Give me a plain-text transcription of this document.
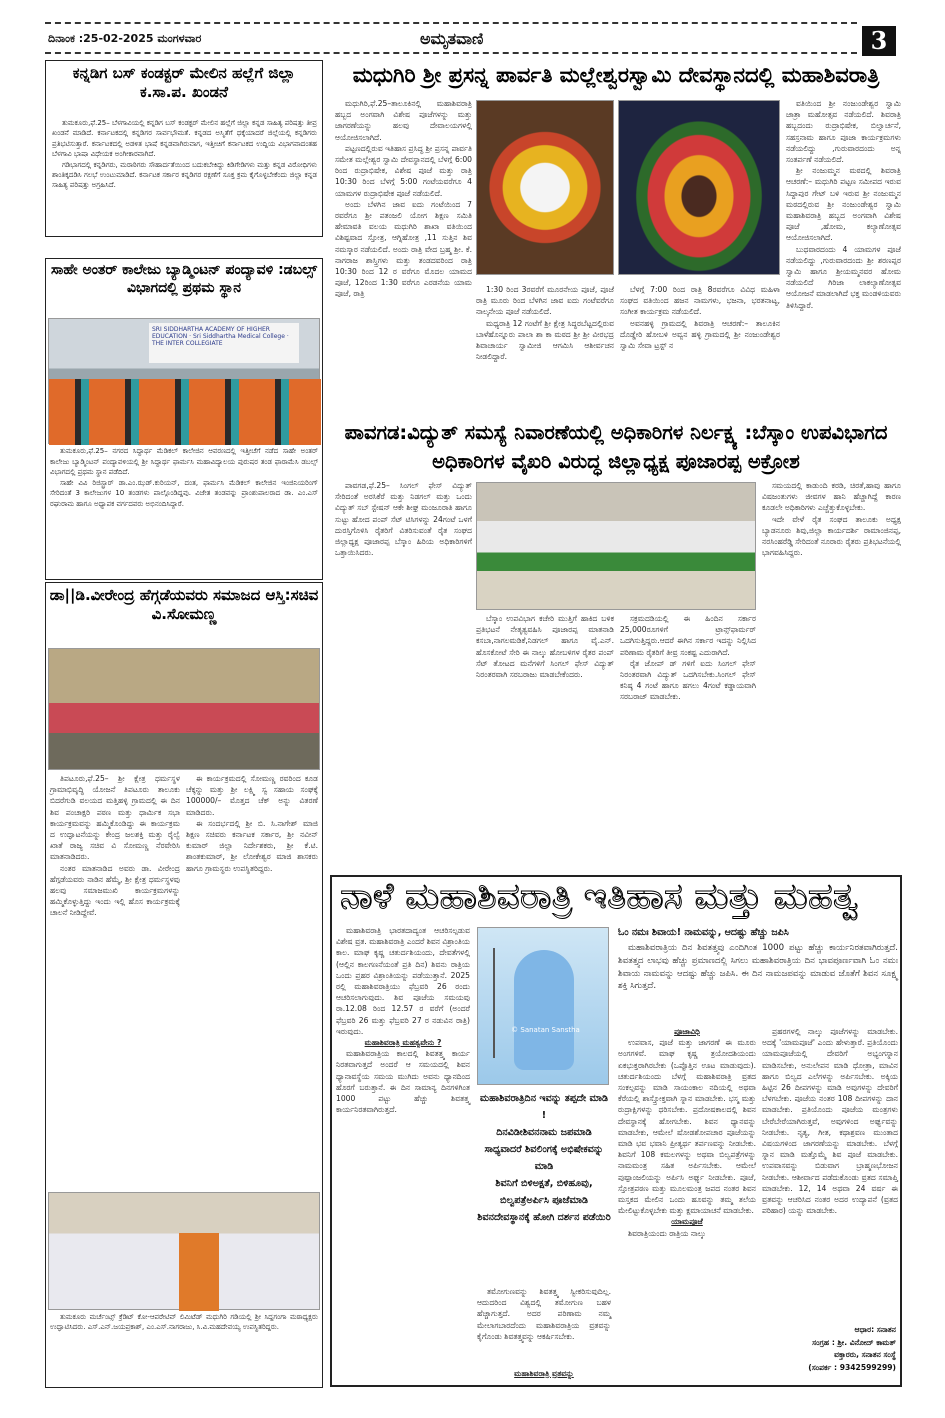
ದಿನಾಂಕ :25-02-2025 ಮಂಗಳವಾರ	ಅಮೃತವಾಣಿ	3
ಕನ್ನಡಿಗ ಬಸ್ ಕಂಡಕ್ಟರ್ ಮೇಲಿನ ಹಲ್ಲೆಗೆ ಜಿಲ್ಲಾ ಕ.ಸಾ.ಪ. ಖಂಡನೆ

ತುಮಕೂರು,ಫೆ.25– ಬೆಳಗಾವಿಯಲ್ಲಿ ಕನ್ನಡಿಗ ಬಸ್ ಕಂಡಕ್ಟರ್ ಮೇಲಿನ ಹಲ್ಲೆಗೆ ಜಿಲ್ಲಾ ಕನ್ನಡ ಸಾಹಿತ್ಯ ಪರಿಷತ್ತು ತೀವ್ರ ಖಂಡನೆ ಮಾಡಿದೆ. ಕರ್ನಾಟಕದಲ್ಲಿ ಕನ್ನಡಿಗರ ಸಾರ್ವಭೌಮತೆ. ಕನ್ನಡದ ಅಸ್ಮಿತೆಗೆ ಧಕ್ಕೆಯಾದರೆ ಜಿಲ್ಲೆಯಲ್ಲಿ ಕನ್ನಡಿಗರು ಪ್ರತಿಭಟಿಸುತ್ತಾರೆ. ಕರ್ನಾಟಕದಲ್ಲಿ ಅಡಳಿತ ಭಾಷೆ ಕನ್ನಡವಾಗಿರುವಾಗ, ಇತ್ತೀಚಿಗೆ ಕರ್ನಾಟಕದ ಉದ್ದಿಯ ವಿಭಾಗವಾದಂತಹ ಬೆಳಗಾವಿ ಭಾಷಾ ವಿಧೇಯಕ ಅಂಗೀಕಾರವಾಗಿದೆ.

ಗಡಿಭಾಗದಲ್ಲಿ ಕನ್ನಡಿಗರು, ಮರಾಠಿಗರು ಸೌಹಾರ್ದತೆಯಿಂದ ಬದುಕಬೇಕಿದ್ದು ಕಿಡಿಗೇಡಿಗಳು ಮತ್ತು ಕನ್ನಡ ವಿರೋಧಿಗಳು ಶಾಂತಿಕ್ಕದಡಿಸಿ ಗಲಭೆ ಉಂಟುಮಾಡಿದೆ. ಕರ್ನಾಟಕ ಸರ್ಕಾರ ಕನ್ನಡಿಗರ ರಕ್ಷಣೆಗೆ ಸೂಕ್ತ ಕ್ರಮ ಕೈಗೊಳ್ಳಬೇಕೆಂದು ಜಿಲ್ಲಾ ಕನ್ನಡ ಸಾಹಿತ್ಯ ಪರಿಷತ್ತು ಅಗ್ರಹಿಸಿದೆ.

ಸಾಹೇ ಅಂತರ್ ಕಾಲೇಜು ಬ್ಯಾಡ್ಮಿಂಟನ್ ಪಂದ್ಯಾವಳಿ :ಡಬಲ್ಸ್ ವಿಭಾಗದಲ್ಲಿ ಪ್ರಥಮ ಸ್ಥಾನ
SRI SIDDHARTHA ACADEMY OF HIGHER EDUCATION · Sri Siddhartha Medical College · THE INTER COLLEGIATE

ತುಮಕೂರು,ಫೆ.25– ನಗರದ ಸಿದ್ಧಾರ್ಥ ಮೆಡಿಕಲ್ ಕಾಲೇಜಿನ ಆವರಣದಲ್ಲಿ ಇತ್ತೀಚೆಗೆ ನಡೆದ ಸಾಹೇ ಅಂತರ್ ಕಾಲೇಜು ಬ್ಯಾಡ್ಮಿಂಟನ್ ಪಂದ್ಯಾವಳಿಯಲ್ಲಿ ಶ್ರೀ ಸಿದ್ಧಾರ್ಥ ಫಾರ್ಮಸಿ ಮಹಾವಿದ್ಯಾಲಯ ಪುರುಷರ ತಂಡ ಫಾರಾಮೆಸಿ ಡಬಲ್ಸ್ ವಿಭಾಗದಲ್ಲಿ ಪ್ರಥಮ ಸ್ಥಾನ ಪಡೆದಿದೆ.

ಸಾಹೇ ವಿವಿ ರಿಜಿಸ್ಟ್ರಾರ್ ಡಾ.ಎಂ.ಝಡ್.ಕುರಿಯನ್, ದಂತ, ಫಾರ್ಮಸಿ ಮೆಡಿಕಲ್ ಕಾಲೇಜಿನ ಇಂಜಿನಿಯರಿಂಗ್ ಸೇರಿದಂತೆ 3 ಕಾಲೇಜುಗಳ 10 ತಂಡಗಳು ಪಾಲ್ಗೊಂಡಿದ್ದವು. ವಿಜೇತ ತಂಡವನ್ನು ಪ್ರಾಂಶುಪಾಲರಾದ ಡಾ. ಎಂ.ಎಸ್ ರಘುರಾಮ ಹಾಗೂ ಅಧ್ಯಾಪಕ ವರ್ಗದವರು ಅಭಿನಂದಿಸಿದ್ದಾರೆ.

ಡಾ||ಡಿ.ವೀರೇಂದ್ರ ಹೆಗ್ಗಡೆಯವರು ಸಮಾಜದ ಆಸ್ತಿ:ಸಚಿವ ವಿ.ಸೋಮಣ್ಣ

ತಿಪಟೂರು,ಫೆ.25– ಶ್ರೀ ಕ್ಷೇತ್ರ ಧರ್ಮಸ್ಥಳ ಗ್ರಾಮಾಭಿವೃದ್ಧಿ ಯೋಜನೆ ತಿಪಟೂರು ತಾಲೂಕು ಬಿದರೆಗುಡಿ ವಲಯದ ಮತ್ತಿಹಳ್ಳಿ ಗ್ರಾಮದಲ್ಲಿ ಈ ದಿನ ಶಿವ ಪಂಚಾಕ್ಷರಿ ಪಠಣ ಮತ್ತು ಧಾರ್ಮಿಕ ಸಭಾ ಕಾರ್ಯಕ್ರಮವನ್ನು ಹಮ್ಮಿಕೊಂಡಿದ್ದು ಈ ಕಾರ್ಯಕ್ರಮ ದ ಉದ್ಘಾಟನೆಯನ್ನು ಕೇಂದ್ರ ಜಲಶಕ್ತಿ ಮತ್ತು ರೈಲ್ವೆ ಖಾತೆ ರಾಜ್ಯ ಸಚಿವ ವಿ ಸೋಮಣ್ಣ ನೆರವೇರಿಸಿ ಮಾತನಾಡಿದರು.

ನಂತರ ಮಾತನಾಡಿದ ಅವರು ಡಾ. ವೀರೇಂದ್ರ ಹೆಗ್ಗಡೆಯವರು ನಾಡಿನ ಹೆಮ್ಮೆ, ಶ್ರೀ ಕ್ಷೇತ್ರ ಧರ್ಮಸ್ಥಳವು ಹಲವು ಸಮಾಜಮುಖಿ ಕಾರ್ಯಕ್ರಮಗಳನ್ನು ಹಮ್ಮಿಕೊಳ್ಳುತ್ತಿದ್ದು ಇಂದು ಇಲ್ಲಿ ಹೊಸ ಕಾರ್ಯಕ್ರಮಕ್ಕೆ ಚಾಲನೆ ನೀಡಿದ್ದೇವೆ.

ಈ ಕಾರ್ಯಕ್ರಮದಲ್ಲಿ ಸೋಮಣ್ಣ ರವರಿಂದ ಕೂಡ ಚೆಕ್ಕನ್ನು ಮತ್ತು ಶ್ರೀ ಲಕ್ಷ್ಮಿ ಸ್ವ ಸಹಾಯ ಸಂಘಕ್ಕೆ 100000/– ಮೊತ್ತದ ಚೆಕ್ ಅನ್ನು ವಿತರಣೆ ಮಾಡಿದರು.

ಈ ಸಂದರ್ಭದಲ್ಲಿ ಶ್ರೀ ಬಿ. ಸಿ.ನಾಗೇಶ್ ಮಾಜಿ ಶಿಕ್ಷಣ ಸಚಿವರು ಕರ್ನಾಟಕ ಸರ್ಕಾರ, ಶ್ರೀ ನವೀನ್ ಕುಮಾರ್ ಜಿಲ್ಲಾ ನಿರ್ದೇಶಕರು, ಶ್ರೀ ಕೆ.ಟಿ. ಶಾಂತಕುಮಾರ್, ಶ್ರೀ ಲೋಕೇಶ್ವರ ಮಾಜಿ ಶಾಸಕರು ಹಾಗೂ ಗ್ರಾಮಸ್ಥರು ಉಪಸ್ಥಿತರಿದ್ದರು.

ತುಮಕೂರು ಮರ್ಚೆಂಟ್ಸ್ ಕ್ರೆಡಿಟ್ ಕೋ-ಆಪರೇಟಿವ್ ಲಿಮಿಟೆಡ್ ಮಧುಗಿರಿ ಗಡಿಯಲ್ಲಿ ಶ್ರೀ ಸಿದ್ದಗಂಗಾ ಮಠಾಧ್ಯಕ್ಷರು ಉದ್ಘಾಟಿಸಿದರು. ಎಸ್.ಎನ್.ಜಯಪ್ರಕಾಶ್, ಎಂ.ಎಸ್.ನಾಗರಾಜು, ಸಿ.ವಿ.ಮಹದೇವಯ್ಯ ಉಪಸ್ಥಿತರಿದ್ದರು.

ಮಧುಗಿರಿ ಶ್ರೀ ಪ್ರಸನ್ನ ಪಾರ್ವತಿ ಮಲ್ಲೇಶ್ವರಸ್ವಾಮಿ ದೇವಸ್ಥಾನದಲ್ಲಿ ಮಹಾಶಿವರಾತ್ರಿ

ಮಧುಗಿರಿ,ಫೆ.25–ತಾಲೂಕಿನಲ್ಲಿ ಮಹಾಶಿವರಾತ್ರಿ ಹಬ್ಬದ ಅಂಗವಾಗಿ ವಿಶೇಷ ಪೂಜೆಗಳನ್ನು ಮತ್ತು ಜಾಗರಣೆಯನ್ನು ಹಲವು ದೇವಾಲಯಗಳಲ್ಲಿ ಆಯೋಜಿಸಲಾಗಿದೆ.

ಪಟ್ಟಣದಲ್ಲಿರುವ ಇತಿಹಾಸ ಪ್ರಸಿದ್ಧ ಶ್ರೀ ಪ್ರಸನ್ನ ಪಾರ್ವತಿ ಸಮೇತ ಮಲ್ಲೇಶ್ವರ ಸ್ವಾಮಿ ದೇವಸ್ಥಾನದಲ್ಲಿ ಬೆಳಗ್ಗೆ 6:00 ರಿಂದ ರುದ್ರಾಭಿಷೇಕ, ವಿಶೇಷ ಪೂಜೆ ಮತ್ತು ರಾತ್ರಿ 10:30 ರಿಂದ ಬೆಳಗ್ಗೆ 5:00 ಗಂಟೆಯವರೆಗೂ 4 ಯಾಮಗಳ ರುದ್ರಾಭಿಷೇಕ ಪೂಜೆ ನಡೆಯಲಿದೆ.

ಅಂದು ಬೆಳಗಿನ ಜಾವ ಐದು ಗಂಟೆಯಿಂದ 7 ರವರೆಗೂ ಶ್ರೀ ಪತಂಜಲಿ ಯೋಗ ಶಿಕ್ಷಣ ಸಮಿತಿ ಹೇಮಾವತಿ ವಲಯ ಮಧುಗಿರಿ ಶಾಖಾ ವತಿಯಿಂದ ವಿಶಿಷ್ಟವಾದ ಸ್ತೋತ್ರ, ಆಗ್ನಿಹೋತ್ರ ,11 ಸುತ್ತಿನ ಶಿವ ನಮಸ್ಕಾರ ನಡೆಯಲಿದೆ. ಅಂದು ರಾತ್ರಿ ವೇದ ಬ್ರಹ್ಮ ಶ್ರೀ. ಕೆ. ನಾಗರಾಜ ಶಾಸ್ತ್ರಿಗಳು ಮತ್ತು ತಂಡದವರಿಂದ ರಾತ್ರಿ 10:30 ರಿಂದ 12 ರ ವರೆಗೂ ಮೊದಲ ಯಾಮದ ಪೂಜೆ, 12ರಿಂದ 1:30 ವರೆಗೂ ಎರಡನೆಯ ಯಾಮ ಪೂಜೆ, ರಾತ್ರಿ	1:30 ರಿಂದ 3ರವರೆಗೆ ಮೂರನೇಯ ಪೂಜೆ, ಪೂಜೆ ರಾತ್ರಿ ಮೂರು ರಿಂದ ಬೆಳಗಿನ ಜಾವ ಐದು ಗಂಟೆವರೆಗೂ ನಾಲ್ಕನೇಯ ಪೂಜೆ ನಡೆಯಲಿದೆ.

ಮಧ್ಯರಾತ್ರಿ 12 ಗಂಟೆಗೆ ಶ್ರೀ ಕ್ಷೇತ್ರ ಸಿದ್ಧರಬೆಟ್ಟದಲ್ಲಿರುವ ಬಾಳೆಹೊನ್ನೂರು ಪಾಲಾ ಶಾ ಕಾ ಮಠದ ಶ್ರೀ ಶ್ರೀ ವೀರಭದ್ರ ಶಿವಾಚಾರ್ಯ ಸ್ವಾಮೀಜಿ ಆಗಮಿಸಿ ಆಶೀರ್ವಚನ ನೀಡಲಿದ್ದಾರೆ.

ಬೆಳಗ್ಗೆ 7:00 ರಿಂದ ರಾತ್ರಿ 8ರವರೆಗೂ ವಿವಿಧ ಮಹಿಳಾ ಸಂಘದ ವತಿಯಿಂದ ಹಜನ ನಾಮಗಳು, ಭಜನಾ, ಭರತನಾಟ್ಯ, ಸಂಗೀತ ಕಾರ್ಯಕ್ರಮ ನಡೆಯಲಿದೆ.

ಅವನಹಳ್ಳಿ ಗ್ರಾಮದಲ್ಲಿ ಶಿವರಾತ್ರಿ ಆಚರಣೆ:– ತಾಲೂಕಿನ ದೊಡ್ಡೇರಿ ಹೋಬಳಿ ಅವ್ವನ ಹಳ್ಳಿ ಗ್ರಾಮದಲ್ಲಿ ಶ್ರೀ ನಂಜುಂಡೇಶ್ವರ ಸ್ವಾಮಿ ಸೇವಾ ಟ್ರಸ್ಟ್ ನ

ವತಿಯಿಂದ ಶ್ರೀ ನಂಜುಂಡೇಶ್ವರ ಸ್ವಾಮಿ ಜಾತ್ರಾ ಮಹೋತ್ಸವ ನಡೆಯಲಿದೆ. ಶಿವರಾತ್ರಿ ಹಬ್ಬದಂದು ರುದ್ರಾಭಿಷೇಕ, ಬಿಲ್ವಾರ್ಚನೆ, ಸಹಸ್ರನಾಮ ಹಾಗೂ ಪೂಜಾ ಕಾರ್ಯಕ್ರಮಗಳು ನಡೆಯಲಿದ್ದು ,ಗುರುವಾರದಂದು ಅನ್ನ ಸಂತರ್ಪಣೆ ನಡೆಯಲಿದೆ.

ಶ್ರೀ ನಂಜುಮ್ಮನ ಮಠದಲ್ಲಿ ಶಿವರಾತ್ರಿ ಆಚರಣೆ:– ಮಧುಗಿರಿ ಪಟ್ಟಣ ಸಮೀಪದ ಇರುವ ಸಿದ್ದಾಪುರ ಗೇಟ್ ಬಳಿ ಇರುವ ಶ್ರೀ ನಂಜುಮ್ಮನ ಮಠದಲ್ಲಿರುವ ಶ್ರೀ ನಂಜುಂಡೇಶ್ವರ ಸ್ವಾಮಿ ಮಹಾಶಿವರಾತ್ರಿ ಹಬ್ಬದ ಅಂಗವಾಗಿ ವಿಶೇಷ ಪೂಜೆ ,ಹೋಮ, ಕಲ್ಯಾಣೋತ್ಸವ ಆಯೋಜಿಸಲಾಗಿದೆ.

ಬುಧವಾರದಂದು 4 ಯಾಮಗಳ ಪೂಜೆ ನಡೆಯಲಿದ್ದು ,ಗುರುವಾರದಂದು ಶ್ರೀ ಶರಣಪ್ಪರ ಸ್ವಾಮಿ ಹಾಗೂ ಶ್ರೀಯಮ್ಮನವರ ಹೋಮ ನಡೆಯಲಿದೆ ಗಿರಿಜಾ ಲಾಕಲ್ಯಾಣೋತ್ಸವ ಆಯೋಜನೆ ಮಾಡಲಾಗಿದೆ ಭಕ್ತ ಮಂಡಳಿಯವರು ತಿಳಿಸಿದ್ದಾರೆ.

ಪಾವಗಡ:ವಿದ್ಯುತ್ ಸಮಸ್ಯೆ ನಿವಾರಣೆಯಲ್ಲಿ ಅಧಿಕಾರಿಗಳ ನಿರ್ಲಕ್ಷ್ಯ :ಬೆಸ್ಕಾಂ ಉಪವಿಭಾಗದ ಅಧಿಕಾರಿಗಳ ವೈಖರಿ ವಿರುದ್ಧ ಜಿಲ್ಲಾಧ್ಯಕ್ಷ ಪೂಜಾರಪ್ಪ ಅಕ್ರೋಶ

ಪಾವಗಡ,ಫೆ.25– ಸಿಂಗಲ್ ಫೇಸ್ ವಿದ್ಯುತ್ ಸೇರಿದಂತೆ ಅರಸಿಕೆರೆ ಮತ್ತು ನಿಡಗಲ್ ಮತ್ತು ಒಂದು ವಿದ್ಯುತ್ ಸಬ್ ಸ್ಟೇಷನ್ ಆಕೇ ಶೀಘ್ರ ಮಂಜೂರಾತಿ ಹಾಗೂ ಸುಟ್ಟು ಹೋದ ಪಂಪ್ ಸೆಟ್ ಟಿಸಿಗಳನ್ನು 24ಗಂಟೆ ಒಳಗೆ ದುರಸ್ತಿಗೊಳಿಸಿ ರೈತರಿಗೆ ವಿತರಿಸುವಂತೆ ರೈತ ಸಂಘದ ಜಿಲ್ಲಾಧ್ಯಕ್ಷ ಪೂಜಾರಪ್ಪ ಬೆಸ್ಕಾಂ ಹಿರಿಯ ಅಧಿಕಾರಿಗಳಿಗೆ ಒತ್ತಾಯಿಸಿದರು.

ಬೆಸ್ಕಾಂ ಉಪವಿಭಾಗ ಕಚೇರಿ ಮುತ್ತಿಗೆ ಹಾಕಿದ ಬಳಿಕ ಪ್ರತಿಭಟನೆ ನೇತೃತ್ವವಹಿಸಿ ಪೂಜಾರಪ್ಪ ಮಾತನಾಡಿ ಕಸಬಾ,ನಾಗಲಮಡಿಕೆ,ನಿಡಗಲ್ ಹಾಗೂ ವೈ.ಎನ್. ಹೊಸಕೋಟೆ ಸೇರಿ ಈ ನಾಲ್ಕು ಹೋಬಳಿಗಳ ರೈತರ ಪಂಪ್ ಸೆಟ್ ತೋಟದ ಮನೆಗಳಿಗೆ ಸಿಂಗಲ್ ಫೇಸ್ ವಿದ್ಯುತ್ ನಿರಂತರವಾಗಿ ಸರಬರಾಜು ಮಾಡಬೇಕೆಂದರು.

ಸಕ್ರಮದಡಿಯಲ್ಲಿ ಈ ಹಿಂದಿನ ಸರ್ಕಾರ 25,000ರೂಗಳಿಗೆ ಟ್ರಾನ್ಸ್‌ಫಾರ್ಮರ್ ಒದಗಿಸುತ್ತಿದ್ದರು.ಆದರೆ ಈಗಿನ ಸರ್ಕಾರ ಇದನ್ನು ನಿಲ್ಲಿಸಿದ ಪರಿಣಾಮ ರೈತರಿಗೆ ತೀವ್ರ ಸಂಕಷ್ಟ ಎದುರಾಗಿದೆ.

ರೈತ ಜೋಪ್ ಡ್ ಗಳಿಗೆ ಐದು ಸಿಂಗಲ್ ಫೇಸ್ ನಿರಂತರವಾಗಿ ವಿದ್ಯುತ್ ಒದಗಿಸಬೇಕು.ಸಿಂಗಲ್ ಫೇಸ್ ಕನಿಷ್ಠ 4 ಗಂಟೆ ಹಾಗೂ ಹಗಲು 4ಗಂಟೆ ಕಡ್ಡಾಯವಾಗಿ ಸರಬರಾಜ್ ಮಾಡಬೇಕು.

ಸಮಯದಲ್ಲಿ ಕಾಡುಂದಿ ಕರಡಿ, ಚಿರತೆ,ಹಾವು ಹಾಗೂ ವಿಷಜಂತುಗಳು ಜೀವಗಳ ಹಾನಿ ಹೆಚ್ಚಾಗಿದ್ದೆ ಕಾರಣ ಕೂಡಲೇ ಅಧಿಕಾರಿಗಳು ಎಚ್ಚೆತ್ತುಕೊಳ್ಳಬೇಕು.

ಇದೇ ವೇಳೆ ರೈತ ಸಂಘದ ತಾಲೂಕು ಅಧ್ಯಕ್ಷ ಬ್ಯಾಡನೂರು ಶಿವು,ಜಿಲ್ಲಾ ಕಾರ್ಯದರ್ಶಿ ರಾಮಾಂಜಿನಪ್ಪ, ನರಸಿಂಹರೆಡ್ಡಿ ಸೇರಿದಂತೆ ನೂರಾರು ರೈತರು ಪ್ರತಿಭಟನೆಯಲ್ಲಿ ಭಾಗವಹಿಸಿದ್ದರು.

ನಾಳೆ ಮಹಾಶಿವರಾತ್ರಿ ಇತಿಹಾಸ ಮತ್ತು ಮಹತ್ವ

ಮಹಾಶಿವರಾತ್ರಿ ಭಾರತದಾದ್ಯಂತ ಆಚರಿಸಲ್ಪಡುವ ವಿಶೇಷ ವ್ರತ. ಮಹಾಶಿವರಾತ್ರಿ ಎಂದರೆ ಶಿವನ ವಿಶ್ರಾಂತಿಯ ಕಾಲ. ಮಾಘ ಕೃಷ್ಣ ಚತುರ್ದಶಿಯಂದು, ದೇವತೆಗಳಲ್ಲಿ (ಆಲ್ಲಿನ ಕಾಲಗಣನೆಯಂತೆ ಪ್ರತಿ ದಿನ) ಶಿವನು ರಾತ್ರಿಯ ಒಂದು ಪ್ರಹರ ವಿಶ್ರಾಂತಿಯನ್ನು ಪಡೆಯುತ್ತಾನೆ. 2025 ರಲ್ಲಿ ಮಹಾಶಿವರಾತ್ರಿಯು ಫೆಬ್ರವರಿ 26 ರಂದು ಆಚರಿಸಲಾಗುವುದು. ಶಿವ ಪೂಜೆಯ ಸಮಯವು ರಾ.12.08 ರಿಂದ 12.57 ರ ವರೆಗೆ (ಅಂದರೆ ಫೆಬ್ರವರಿ 26 ಮತ್ತು ಫೆಬ್ರವರಿ 27 ರ ನಡುವಿನ ರಾತ್ರಿ) ಇರುವುದು.

ಮಹಾಶಿವರಾತ್ರಿ ಮಹತ್ವವೇನು ?

ಮಹಾಶಿವರಾತ್ರಿಯ ಕಾಲದಲ್ಲಿ ಶಿವತತ್ತ್ವ ಕಾರ್ಯ ನಿರತವಾಗುತ್ತದೆ ಅಂದರೆ ಆ ಸಮಯದಲ್ಲಿ ಶಿವನ ಧ್ಯಾನಾವಸ್ಥೆಯ ಸಮಯ ಮುಗಿದು ಅವನು ಧ್ಯಾನದಿಂದ ಹೊರಗೆ ಬರುತ್ತಾನೆ. ಈ ದಿನ ಸಾಮಾನ್ಯ ದಿನಗಳಿಗಿಂತ 1000 ಪಟ್ಟು ಹೆಚ್ಚು ಶಿವತತ್ತ್ವ ಕಾರ್ಯನಿರತವಾಗಿರುತ್ತದೆ.

© Sanatan Sanstha
ಮಹಾಶಿವರಾತ್ರಿದಿನ ಇವನ್ನು ತಪ್ಪದೇ ಮಾಡಿ !
ದಿನವಿಡೀಶಿವನನಾಮ ಜಪಮಾಡಿ
ಸಾಧ್ಯವಾದರೆ ಶಿವಲಿಂಗಕ್ಕೆ ಅಭಿಷೇಕವನ್ನು ಮಾಡಿ
ಶಿವನಿಗೆ ಬಿಳಿಅಕ್ಷತೆ, ಬಿಳಿಹೂವು, ಬಿಲ್ವಪತ್ರೆಅರ್ಪಿಸಿ ಪೂಜೆಮಾಡಿ
ಶಿವನದೇವಸ್ಥಾನಕ್ಕೆ ಹೋಗಿ ದರ್ಶನ ಪಡೆಯಿರಿ

ತಮೋಗುಣವನ್ನು ಶಿವತತ್ತ್ವ ಸ್ವೀಕರಿಸುವುದಿಲ್ಲ. ಆದುದರಿಂದ ವಿಶ್ವದಲ್ಲಿ ತಮೋಗುಣ ಬಹಳ ಹೆಚ್ಚಾಗುತ್ತದೆ. ಅದರ ಪರಿಣಾಮ ನಮ್ಮ ಮೇಲಾಗಬಾರದೆಂದು ಮಹಾಶಿವರಾತ್ರಿಯ ವ್ರತವನ್ನು ಕೈಗೊಂಡು ಶಿವತತ್ತ್ವವನ್ನು ಆಕರ್ಷಿಸಬೇಕು.

ಮಹಾಶಿವರಾತ್ರಿ ವ್ರತವನ್ನು
ಓಂ ನಮಃ ಶಿವಾಯ! ನಾಮವನ್ನು, ಆದಷ್ಟು ಹೆಚ್ಚು ಜಪಿಸಿ

ಮಹಾಶಿವರಾತ್ರಿಯ ದಿನ ಶಿವತತ್ತ್ವವು ಎಂದಿಗಿಂತ 1000 ಪಟ್ಟು ಹೆಚ್ಚು ಕಾರ್ಯನಿರತವಾಗಿರುತ್ತದೆ. ಶಿವತತ್ತ್ವದ ಲಾಭವು ಹೆಚ್ಚು ಪ್ರಮಾಣದಲ್ಲಿ ಸಿಗಲು ಮಹಾಶಿವರಾತ್ರಿಯ ದಿನ ಭಾವಪೂರ್ಣವಾಗಿ ಓಂ ನಮಃ ಶಿವಾಯ ನಾಮವನ್ನು ಆದಷ್ಟು ಹೆಚ್ಚು ಜಪಿಸಿ. ಈ ದಿನ ನಾಮಜಪವನ್ನು ಮಾಡುವ ಜೊತೆಗೆ ಶಿವನ ಸೂಕ್ಷ್ಮ ಶಕ್ತಿ ಸಿಗುತ್ತದೆ.

ಪೂಜಾವಿಧಿ

ಉಪವಾಸ, ಪೂಜೆ ಮತ್ತು ಜಾಗರಣೆ ಈ ಮೂರು ಅಂಗಗಳಿವೆ. ಮಾಘ ಕೃಷ್ಣ ತ್ರಯೋದಶಿಯಂದು ಏಕಭುಕ್ತರಾಗಿರಬೇಕು (ಒಪ್ಪೊತ್ತಿನ ಊಟ ಮಾಡುವುದು). ಚತುರ್ದಶಿಯಂದು ಬೆಳಗ್ಗೆ ಮಹಾಶಿವರಾತ್ರಿ ವ್ರತದ ಸಂಕಲ್ಪವನ್ನು ಮಾಡಿ ಸಾಯಂಕಾಲ ನದಿಯಲ್ಲಿ ಅಥವಾ ಕೆರೆಯಲ್ಲಿ ಶಾಸ್ತ್ರೋಕ್ತವಾಗಿ ಸ್ನಾನ ಮಾಡಬೇಕು. ಭಸ್ಮ ಮತ್ತು ರುದ್ರಾಕ್ಷಿಗಳನ್ನು ಧರಿಸಬೇಕು. ಪ್ರದೋಷಕಾಲದಲ್ಲಿ ಶಿವನ ದೇವಸ್ಥಾನಕ್ಕೆ ಹೋಗಬೇಕು. ಶಿವನ ಧ್ಯಾನವನ್ನು ಮಾಡಬೇಕು, ಆಮೇಲೆ ಷೋಡಶೋಪಚಾರ ಪೂಜೆಯನ್ನು ಮಾಡಿ ಭವ ಭವಾನಿ ಪ್ರೀತ್ಯರ್ಥ ತರ್ಪಣವನ್ನು ನೀಡಬೇಕು. ಶಿವನಿಗೆ 108 ಕಮಲಗಳನ್ನು ಅಥವಾ ಬಿಲ್ವಪತ್ರೆಗಳನ್ನು ನಾಮಮಂತ್ರ ಸಹಿತ ಅರ್ಪಿಸಬೇಕು. ಆಮೇಲೆ ಪುಷ್ಪಾಂಜಲಿಯನ್ನು ಅರ್ಪಿಸಿ ಅರ್ಘ್ಯ ನೀಡಬೇಕು. ಪೂಜೆ, ಸ್ತೋತ್ರಪಠಣ ಮತ್ತು ಮೂಲಮಂತ್ರ ಜಪದ ನಂತರ ಶಿವನ ಮಸ್ತಕದ ಮೇಲಿನ ಒಂದು ಹೂವನ್ನು ತಮ್ಮ ತಲೆಯ ಮೇಲಿಟ್ಟುಕೊಳ್ಳಬೇಕು ಮತ್ತು ಕ್ಷಮಾಯಾಚನೆ ಮಾಡಬೇಕು.

ಯಾಮಪೂಜೆ

ಶಿವರಾತ್ರಿಯಂದು ರಾತ್ರಿಯ ನಾಲ್ಕು

ಪ್ರಹರಗಳಲ್ಲಿ ನಾಲ್ಕು ಪೂಜೆಗಳನ್ನು ಮಾಡಬೇಕು. ಅದಕ್ಕೆ 'ಯಾಮಪೂಜೆ' ಎಂದು ಹೇಳುತ್ತಾರೆ. ಪ್ರತಿಯೊಂದು ಯಾಮಪೂಜೆಯಲ್ಲಿ ದೇವರಿಗೆ ಅಭ್ಯಂಗಸ್ನಾನ ಮಾಡಿಸಬೇಕು, ಅನುಲೇಪನ ಮಾಡಿ ಧೋತ್ರಾ, ಮಾವಿನ ಹಾಗೂ ಬಿಲ್ವದ ಎಲೆಗಳನ್ನು ಅರ್ಪಿಸಬೇಕು. ಅಕ್ಕಿಯ ಹಿಟ್ಟಿನ 26 ದೀಪಗಳನ್ನು ಮಾಡಿ ಅವುಗಳನ್ನು ದೇವರಿಗೆ ಬೆಳಗಬೇಕು. ಪೂಜೆಯ ನಂತರ 108 ದೀಪಗಳನ್ನು ದಾನ ಮಾಡಬೇಕು. ಪ್ರತಿಯೊಂದು ಪೂಜೆಯ ಮಂತ್ರಗಳು ಬೇರೆಬೇರೆಯಾಗಿರುತ್ತವೆ, ಅವುಗಳಿಂದ ಅರ್ಘ್ಯವನ್ನು ನೀಡಬೇಕು. ನೃತ್ಯ, ಗೀತ, ಕಥಾಶ್ರವಣ ಮುಂತಾದ ವಿಷಯಗಳಿಂದ ಜಾಗರಣೆಯನ್ನು ಮಾಡಬೇಕು. ಬೆಳಗ್ಗೆ ಸ್ನಾನ ಮಾಡಿ ಮತ್ತೊಮ್ಮೆ ಶಿವ ಪೂಜೆ ಮಾಡಬೇಕು. ಉಪವಾಸವನ್ನು ಬಿಡುವಾಗ ಬ್ರಾಹ್ಮಣಭೋಜನ ನೀಡಬೇಕು. ಆಶೀರ್ವಾದ ಪಡೆದುಕೊಂಡು ವ್ರತದ ಸಮಾಪ್ತಿ ಮಾಡಬೇಕು. 12, 14 ಅಥವಾ 24 ವರ್ಷ ಈ ವ್ರತವನ್ನು ಆಚರಿಸಿದ ನಂತರ ಅದರ ಉದ್ಯಾಪನೆ (ವ್ರತದ ಪರಿಹಾರ) ಯನ್ನು ಮಾಡಬೇಕು.

ಆಧಾರ: ಸನಾತನ
ಸಂಗ್ರಹ : ಶ್ರೀ. ವಿನೋದ್ ಕಾಮತ್
ವಕ್ತಾರರು, ಸನಾತನ ಸಂಸ್ಥೆ
(ಸಂಪರ್ಕ : 9342599299)
